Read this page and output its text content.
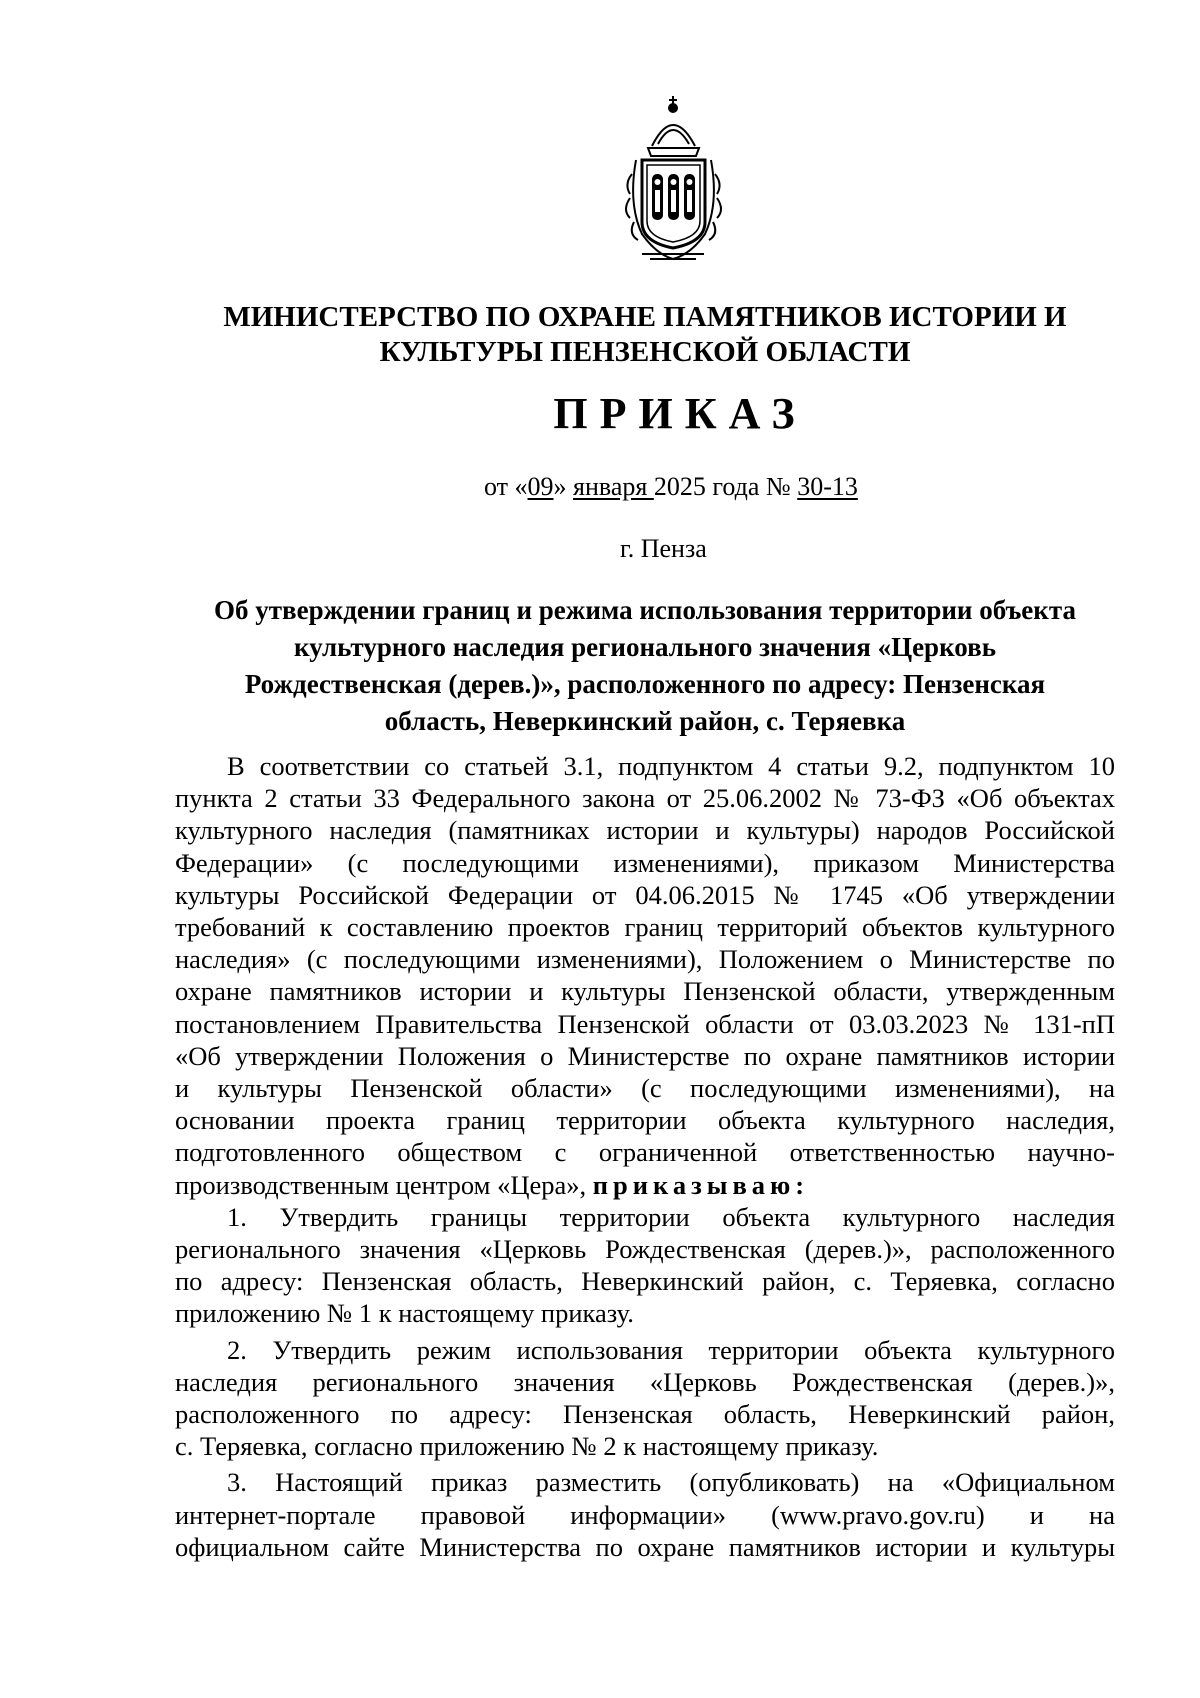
МИНИСТЕРСТВО ПО ОХРАНЕ ПАМЯТНИКОВ ИСТОРИИ И
КУЛЬТУРЫ ПЕНЗЕНСКОЙ ОБЛАСТИ
ПРИКАЗ
от «09» января 2025 года № 30-13
г. Пенза
Об утверждении границ и режима использования территории объекта
культурного наследия регионального значения «Церковь
Рождественская (дерев.)», расположенного по адресу: Пензенская
область, Неверкинский район, с. Теряевка
В соответствии со статьей 3.1, подпунктом 4 статьи 9.2, подпунктом 10
пункта 2 статьи 33 Федерального закона от 25.06.2002 № 73-ФЗ «Об объектах
культурного наследия (памятниках истории и культуры) народов Российской
Федерации» (с последующими изменениями), приказом Министерства
культуры Российской Федерации от 04.06.2015 № 1745 «Об утверждении
требований к составлению проектов границ территорий объектов культурного
наследия» (с последующими изменениями), Положением о Министерстве по
охране памятников истории и культуры Пензенской области, утвержденным
постановлением Правительства Пензенской области от 03.03.2023 № 131-пП
«Об утверждении Положения о Министерстве по охране памятников истории
и культуры Пензенской области» (с последующими изменениями), на
основании проекта границ территории объекта культурного наследия,
подготовленного обществом с ограниченной ответственностью научно-
производственным центром «Цера», приказываю:
1. Утвердить границы территории объекта культурного наследия
регионального значения «Церковь Рождественская (дерев.)», расположенного
по адресу: Пензенская область, Неверкинский район, с. Теряевка, согласно
приложению № 1 к настоящему приказу.
2. Утвердить режим использования территории объекта культурного
наследия регионального значения «Церковь Рождественская (дерев.)»,
расположенного по адресу: Пензенская область, Неверкинский район,
с. Теряевка, согласно приложению № 2 к настоящему приказу.
3. Настоящий приказ разместить (опубликовать) на «Официальном
интернет-портале правовой информации» (www.pravo.gov.ru) и на
официальном сайте Министерства по охране памятников истории и культуры
